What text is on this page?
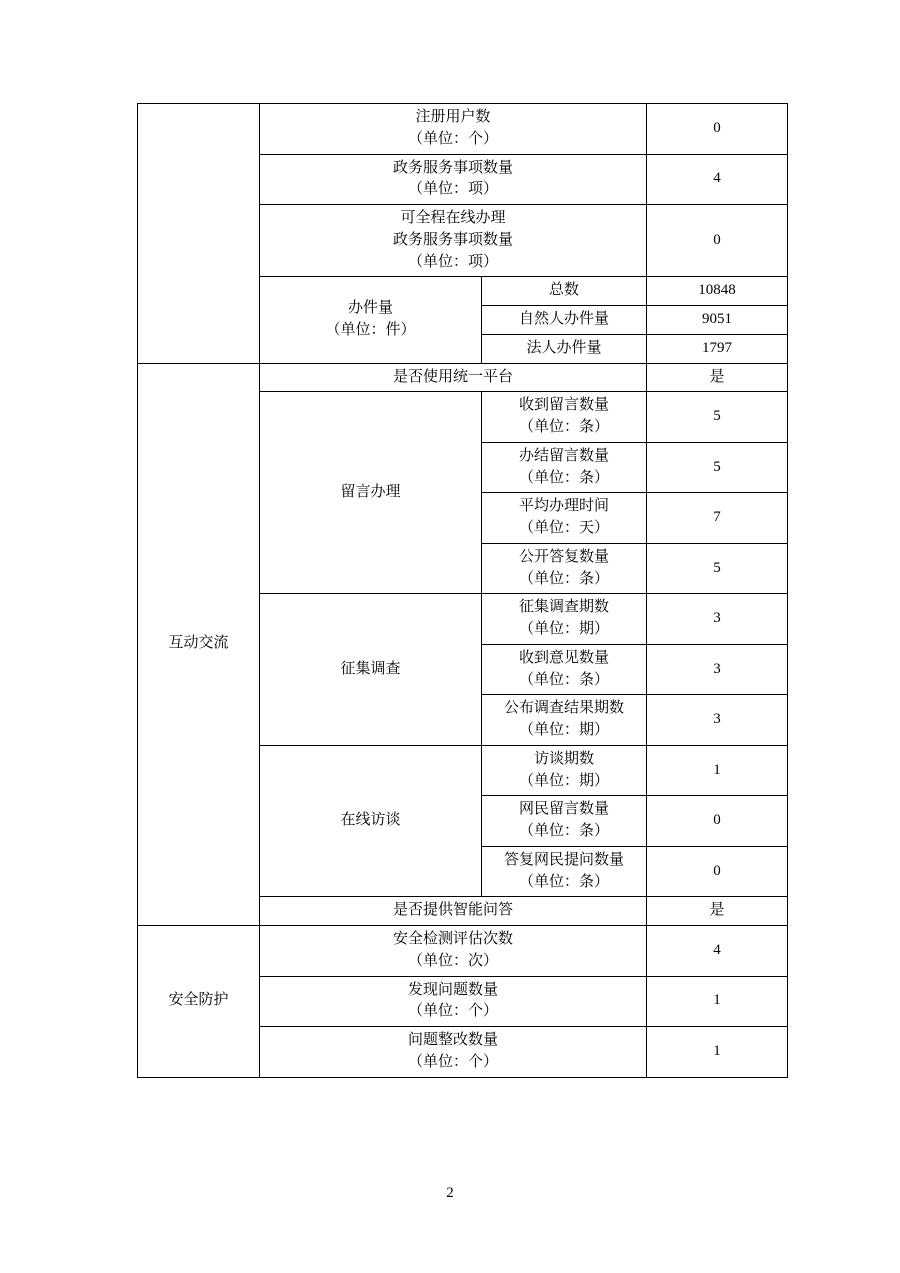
	注册用户数
（单位：个）		0

	政务服务事项数量
（单位：项）		4

	可全程在线办理
政务服务事项数量
（单位：项）		0

	办件量
（单位：件）	总数	10848

		自然人办件量	9051

		法人办件量	1797
互动交流	是否使用统一平台		是

	留言办理	收到留言数量
（单位：条）	5

		办结留言数量
（单位：条）	5

		平均办理时间
（单位：天）	7

		公开答复数量
（单位：条）	5

	征集调查	征集调查期数
（单位：期）	3

		收到意见数量
（单位：条）	3

		公布调查结果期数
（单位：期）	3

	在线访谈	访谈期数
（单位：期）	1

		网民留言数量
（单位：条）	0

		答复网民提问数量
（单位：条）	0

	是否提供智能问答		是
安全防护	安全检测评估次数
（单位：次）		4

	发现问题数量
（单位：个）		1

	问题整改数量
（单位：个）		1
2
